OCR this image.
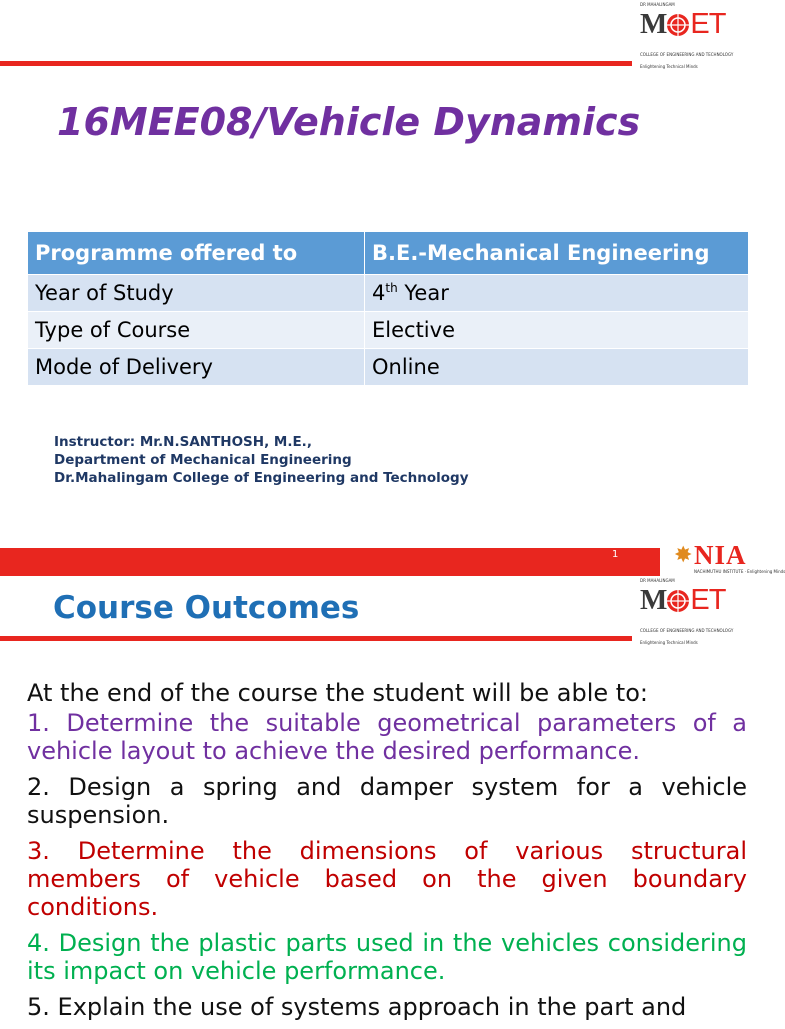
DR MAHALINGAM
M ET
COLLEGE OF ENGINEERING AND TECHNOLOGY
Enlightening Technical Minds
16MEE08/Vehicle Dynamics
Programme offered to	B.E.-Mechanical Engineering
Year of Study	4th Year
Type of Course	Elective
Mode of Delivery	Online
Instructor: Mr.N.SANTHOSH, M.E.,
Department of Mechanical Engineering
Dr.Mahalingam College of Engineering and Technology
1	✸ NIA
NACHIMUTHU INSTITUTE · Enlightening Minds
DR MAHALINGAM
M ET
COLLEGE OF ENGINEERING AND TECHNOLOGY
Enlightening Technical Minds
Course Outcomes

At the end of the course the student will be able to:

1. Determine the suitable geometrical parameters of a vehicle layout to achieve the desired performance.

2. Design a spring and damper system for a vehicle suspension.

3. Determine the dimensions of various structural members of vehicle based on the given boundary conditions.

4. Design the plastic parts used in the vehicles considering its impact on vehicle performance.

5. Explain the use of systems approach in the part and
